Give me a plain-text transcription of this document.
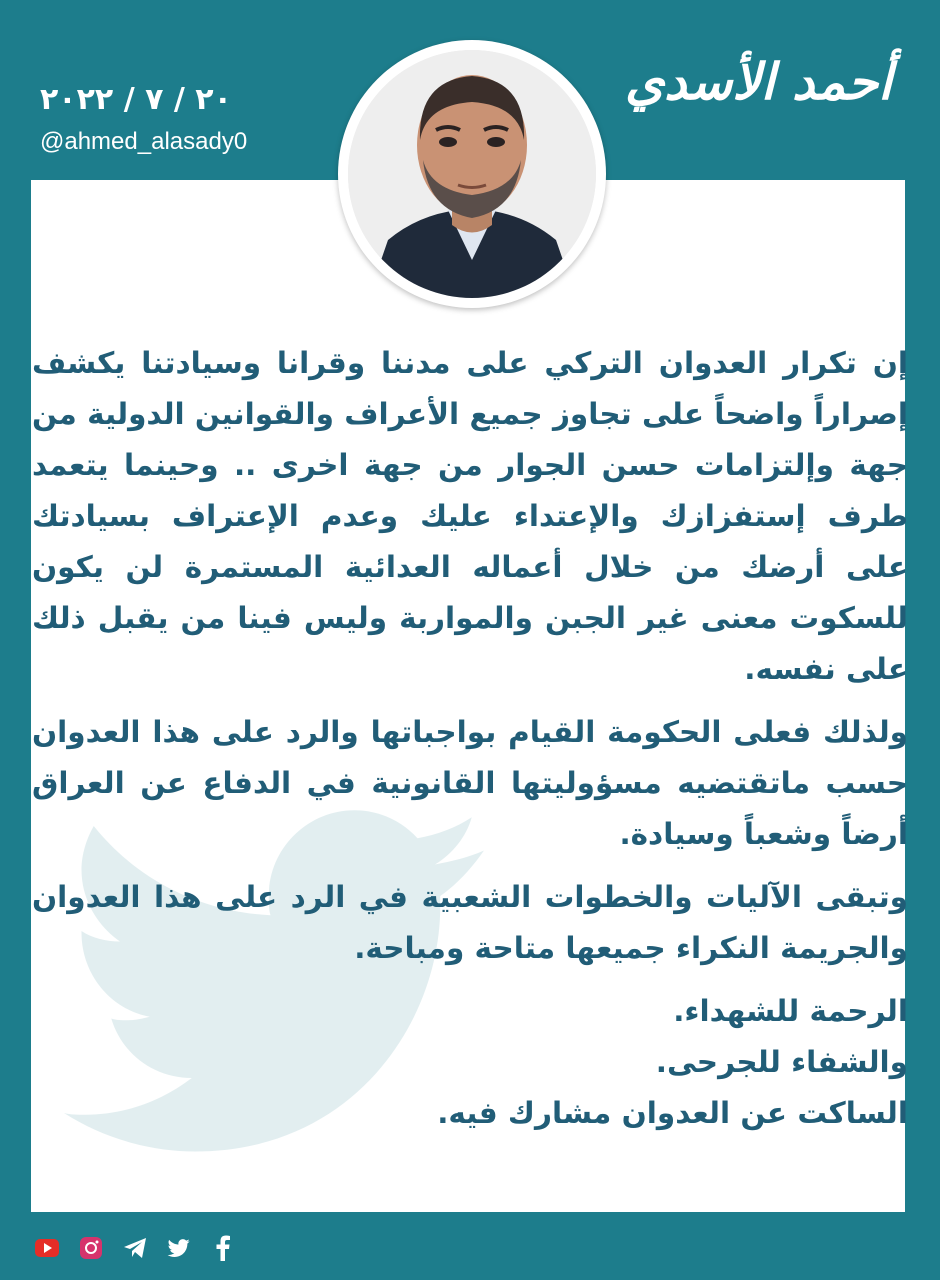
أحمد الأسدي
٢٠ / ٧ / ٢٠٢٢
@ahmed_alasady0

إن تكرار العدوان التركي على مدننا وقرانا وسيادتنا يكشف إصراراً واضحاً على تجاوز جميع الأعراف والقوانين الدولية من جهة وإلتزامات حسن الجوار من جهة اخرى .. وحينما يتعمد طرف إستفزازك والإعتداء عليك وعدم الإعتراف بسيادتك على أرضك من خلال أعماله العدائية المستمرة لن يكون للسكوت معنى غير الجبن والمواربة وليس فينا من يقبل ذلك على نفسه.

ولذلك فعلى الحكومة القيام بواجباتها والرد على هذا العدوان حسب ماتقتضيه مسؤوليتها القانونية في الدفاع عن العراق أرضاً وشعباً وسيادة.

وتبقى الآليات والخطوات الشعبية في الرد على هذا العدوان والجريمة النكراء جميعها متاحة ومباحة.

الرحمة للشهداء.

والشفاء للجرحى.

الساكت عن العدوان مشارك فيه.
